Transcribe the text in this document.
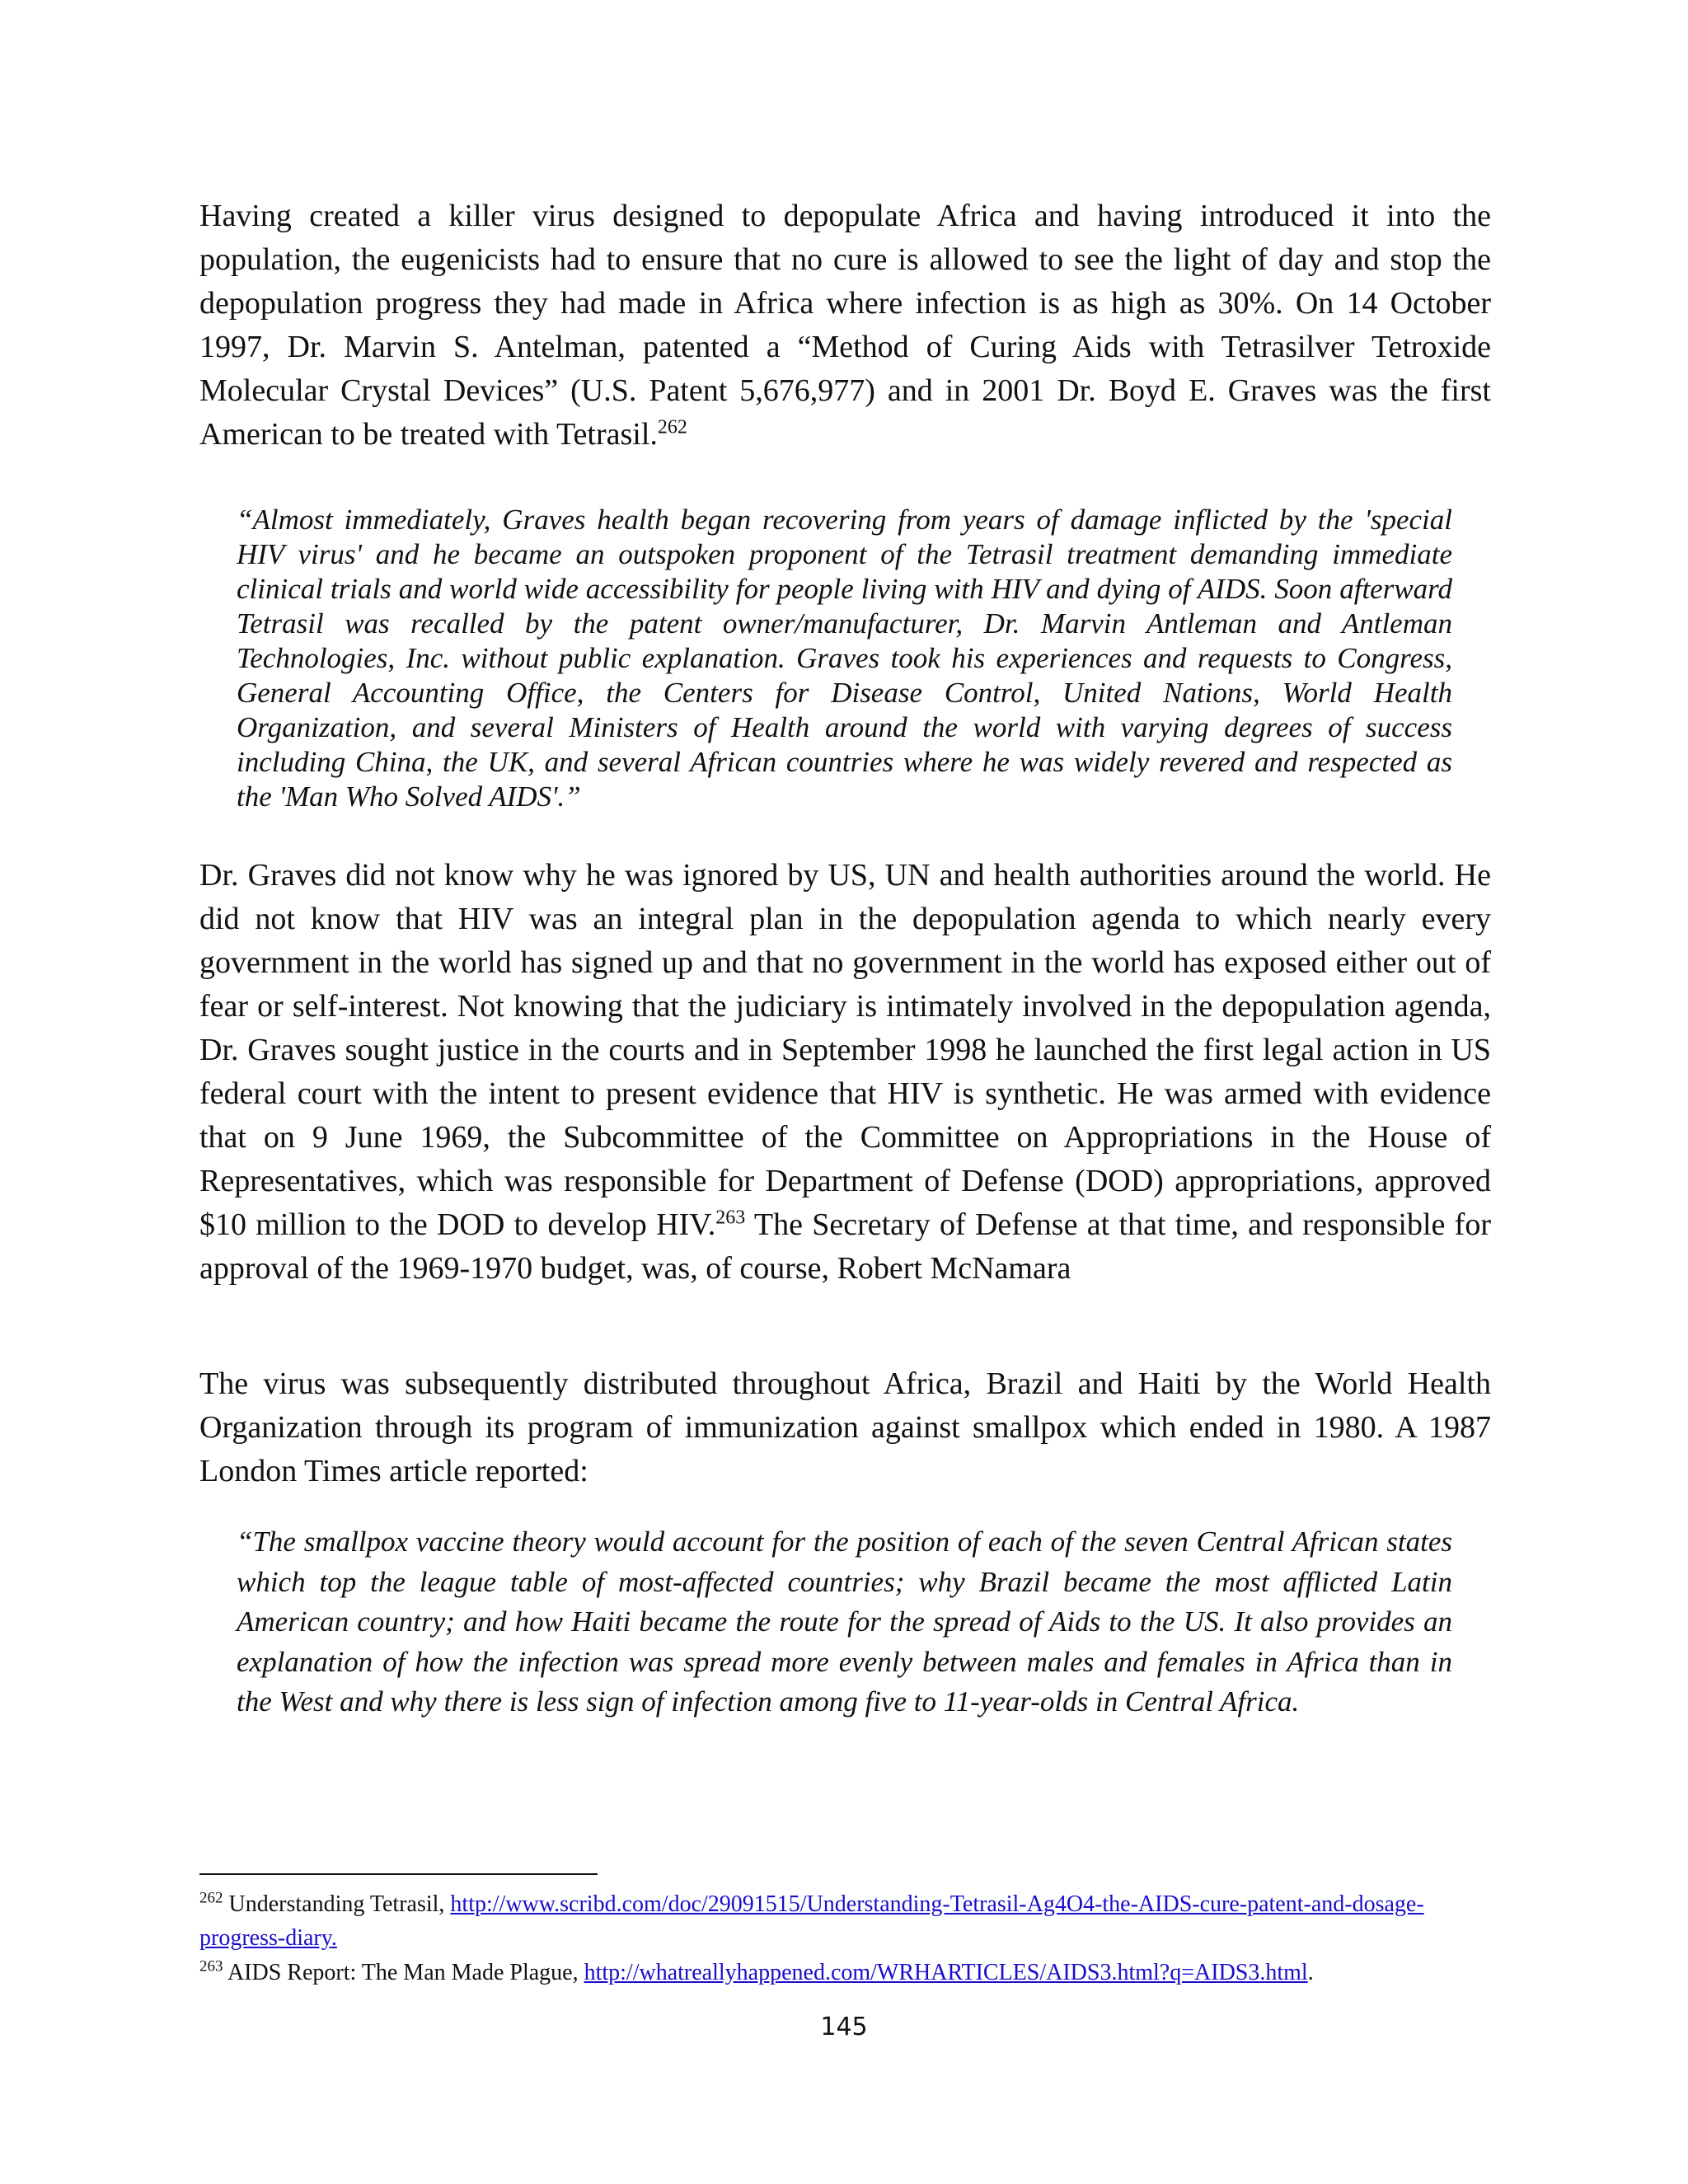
Having created a killer virus designed to depopulate Africa and having introduced it into the population, the eugenicists had to ensure that no cure is allowed to see the light of day and stop the depopulation progress they had made in Africa where infection is as high as 30%. On 14 October 1997, Dr. Marvin S. Antelman, patented a “Method of Curing Aids with Tetrasilver Tetroxide Molecular Crystal Devices” (U.S. Patent 5,676,977) and in 2001 Dr. Boyd E. Graves was the first American to be treated with Tetrasil.$^{262}$

“Almost immediately, Graves health began recovering from years of damage inflicted by the 'special HIV virus' and he became an outspoken proponent of the Tetrasil treatment demanding immediate clinical trials and world wide accessibility for people living with HIV and dying of AIDS. Soon afterward Tetrasil was recalled by the patent owner/manufacturer, Dr. Marvin Antleman and Antleman Technologies, Inc. without public explanation. Graves took his experiences and requests to Congress, General Accounting Office, the Centers for Disease Control, United Nations, World Health Organization, and several Ministers of Health around the world with varying degrees of success including China, the UK, and several African countries where he was widely revered and respected as the 'Man Who Solved AIDS'.”

Dr. Graves did not know why he was ignored by US, UN and health authorities around the world. He did not know that HIV was an integral plan in the depopulation agenda to which nearly every government in the world has signed up and that no government in the world has exposed either out of fear or self-interest. Not knowing that the judiciary is intimately involved in the depopulation agenda, Dr. Graves sought justice in the courts and in September 1998 he launched the first legal action in US federal court with the intent to present evidence that HIV is synthetic. He was armed with evidence that on 9 June 1969, the Subcommittee of the Committee on Appropriations in the House of Representatives, which was responsible for Department of Defense (DOD) appropriations, approved $10 million to the DOD to develop HIV.$^{263}$ The Secretary of Defense at that time, and responsible for approval of the 1969-1970 budget, was, of course, Robert McNamara

The virus was subsequently distributed throughout Africa, Brazil and Haiti by the World Health Organization through its program of immunization against smallpox which ended in 1980. A 1987 London Times article reported:

“The smallpox vaccine theory would account for the position of each of the seven Central African states which top the league table of most-affected countries; why Brazil became the most afflicted Latin American country; and how Haiti became the route for the spread of Aids to the US. It also provides an explanation of how the infection was spread more evenly between males and females in Africa than in the West and why there is less sign of infection among five to 11-year-olds in Central Africa.

$^{262}$ Understanding Tetrasil, http://www.scribd.com/doc/29091515/Understanding-Tetrasil-Ag4O4-the-AIDS-cure-patent-and-dosage-progress-diary.

$^{263}$ AIDS Report: The Man Made Plague, http://whatreallyhappened.com/WRHARTICLES/AIDS3.html?q=AIDS3.html.

145
